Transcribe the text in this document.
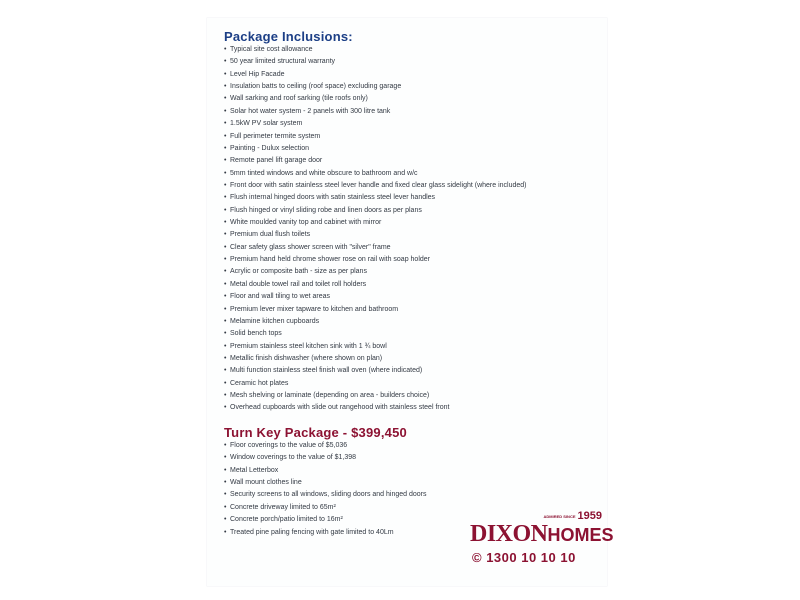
Package Inclusions:
• Typical site cost allowance
• 50 year limited structural warranty
• Level Hip Facade
• Insulation batts to ceiling (roof space) excluding garage
• Wall sarking and roof sarking (tile roofs only)
• Solar hot water system - 2 panels with 300 litre tank
• 1.5kW PV solar system
• Full perimeter termite system
• Painting - Dulux selection
• Remote panel lift garage door
• 5mm tinted windows and white obscure to bathroom and w/c
• Front door with satin stainless steel lever handle and fixed clear glass sidelight (where included)
• Flush internal hinged doors with satin stainless steel lever handles
• Flush hinged or vinyl sliding robe and linen doors as per plans
• White moulded vanity top and cabinet with mirror
• Premium dual flush toilets
• Clear safety glass shower screen with "silver" frame
• Premium hand held chrome shower rose on rail with soap holder
• Acrylic or composite bath - size as per plans
• Metal double towel rail and toilet roll holders
• Floor and wall tiling to wet areas
• Premium lever mixer tapware to kitchen and bathroom
• Melamine kitchen cupboards
• Solid bench tops
• Premium stainless steel kitchen sink with 1 ¾ bowl
• Metallic finish dishwasher (where shown on plan)
• Multi function stainless steel finish wall oven (where indicated)
• Ceramic hot plates
• Mesh shelving or laminate (depending on area - builders choice)
• Overhead cupboards with slide out rangehood with stainless steel front
Turn Key Package - $399,450
• Floor coverings to the value of $5,036
• Window coverings to the value of $1,398
• Metal Letterbox
• Wall mount clothes line
• Security screens to all windows, sliding doors and hinged doors
• Concrete driveway limited to 65m²
• Concrete porch/patio limited to 16m²
• Treated pine paling fencing with gate limited to 40Lm
ADMIRED SINCE 1959
DIXONHOMES
© 1300 10 10 10
